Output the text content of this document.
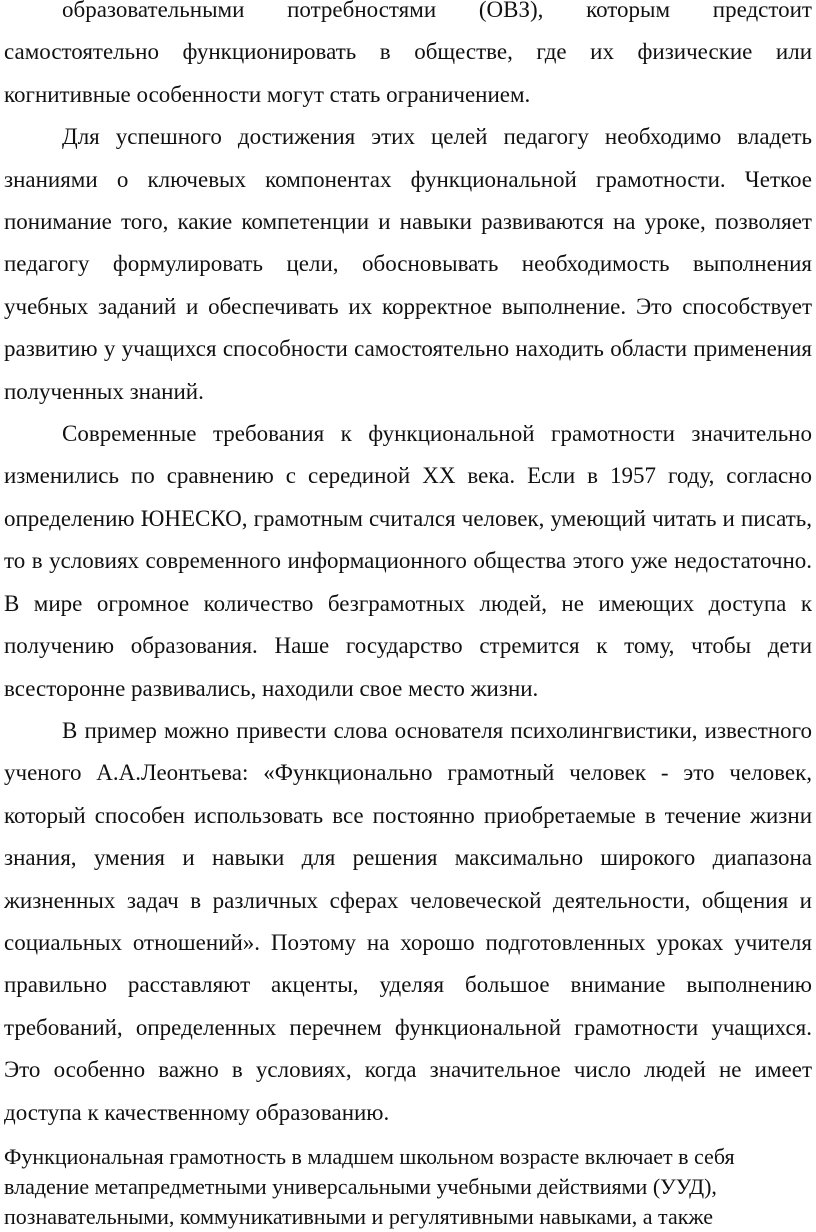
образовательными потребностями (ОВЗ), которым предстоит самостоятельно функционировать в обществе, где их физические или когнитивные особенности могут стать ограничением.

Для успешного достижения этих целей педагогу необходимо владеть знаниями о ключевых компонентах функциональной грамотности. Четкое понимание того, какие компетенции и навыки развиваются на уроке, позволяет педагогу формулировать цели, обосновывать необходимость выполнения учебных заданий и обеспечивать их корректное выполнение. Это способствует развитию у учащихся способности самостоятельно находить области применения полученных знаний.

Современные требования к функциональной грамотности значительно изменились по сравнению с серединой XX века. Если в 1957 году, согласно определению ЮНЕСКО, грамотным считался человек, умеющий читать и писать, то в условиях современного информационного общества этого уже недостаточно. В мире огромное количество безграмотных людей, не имеющих доступа к получению образования. Наше государство стремится к тому, чтобы дети всесторонне развивались, находили свое место жизни.

В пример можно привести слова основателя психолингвистики, известного ученого А.А.Леонтьева: «Функционально грамотный человек - это человек, который способен использовать все постоянно приобретаемые в течение жизни знания, умения и навыки для решения максимально широкого диапазона жизненных задач в различных сферах человеческой деятельности, общения и социальных отношений». Поэтому на хорошо подготовленных уроках учителя правильно расставляют акценты, уделяя большое внимание выполнению требований, определенных перечнем функциональной грамотности учащихся. Это особенно важно в условиях, когда значительное число людей не имеет доступа к качественному образованию.

Функциональная грамотность в младшем школьном возрасте включает в себя владение метапредметными универсальными учебными действиями (УУД), познавательными, коммуникативными и регулятивными навыками, а также
